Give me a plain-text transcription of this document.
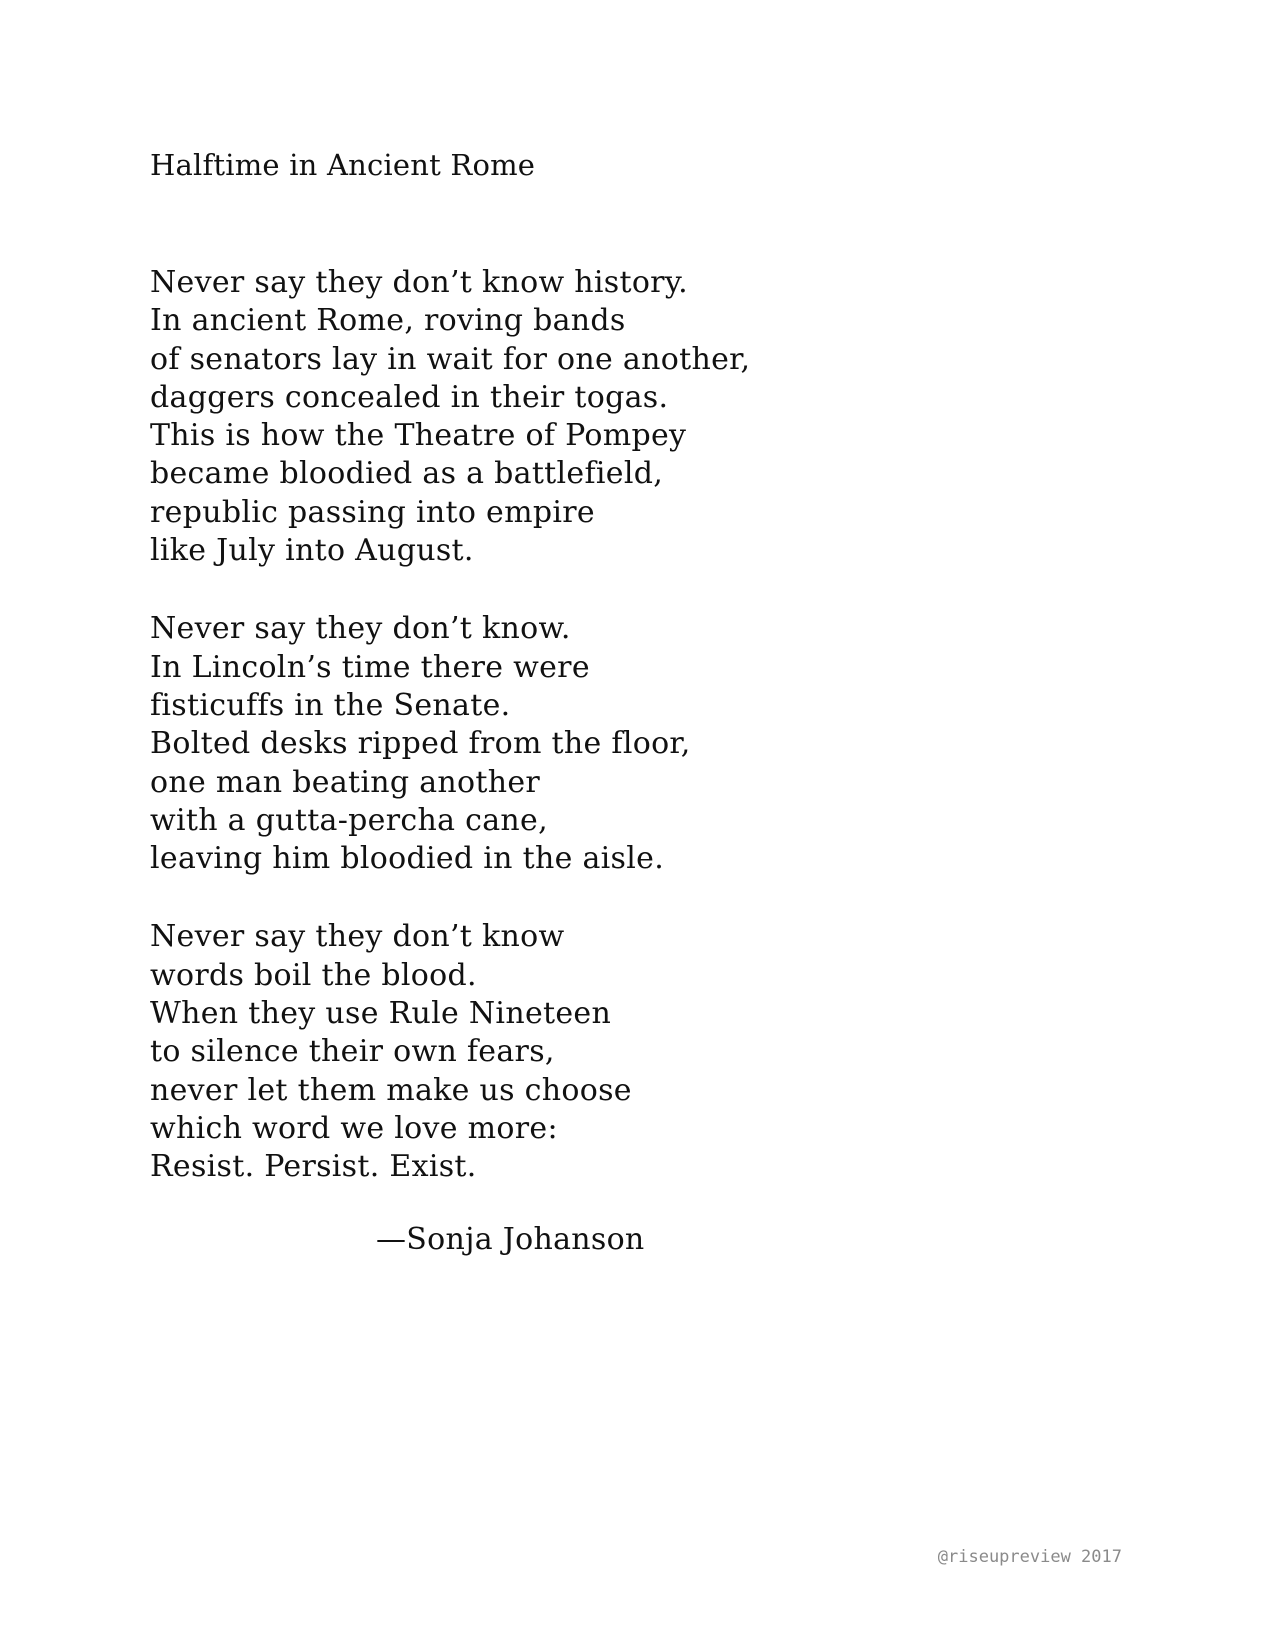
Halftime in Ancient Rome
Never say they don’t know history.
In ancient Rome, roving bands
of senators lay in wait for one another,
daggers concealed in their togas.
This is how the Theatre of Pompey
became bloodied as a battlefield,
republic passing into empire
like July into August.
Never say they don’t know.
In Lincoln’s time there were
fisticuffs in the Senate.
Bolted desks ripped from the floor,
one man beating another
with a gutta-percha cane,
leaving him bloodied in the aisle.
Never say they don’t know
words boil the blood.
When they use Rule Nineteen
to silence their own fears,
never let them make us choose
which word we love more:
Resist. Persist. Exist.
—Sonja Johanson
@riseupreview 2017
